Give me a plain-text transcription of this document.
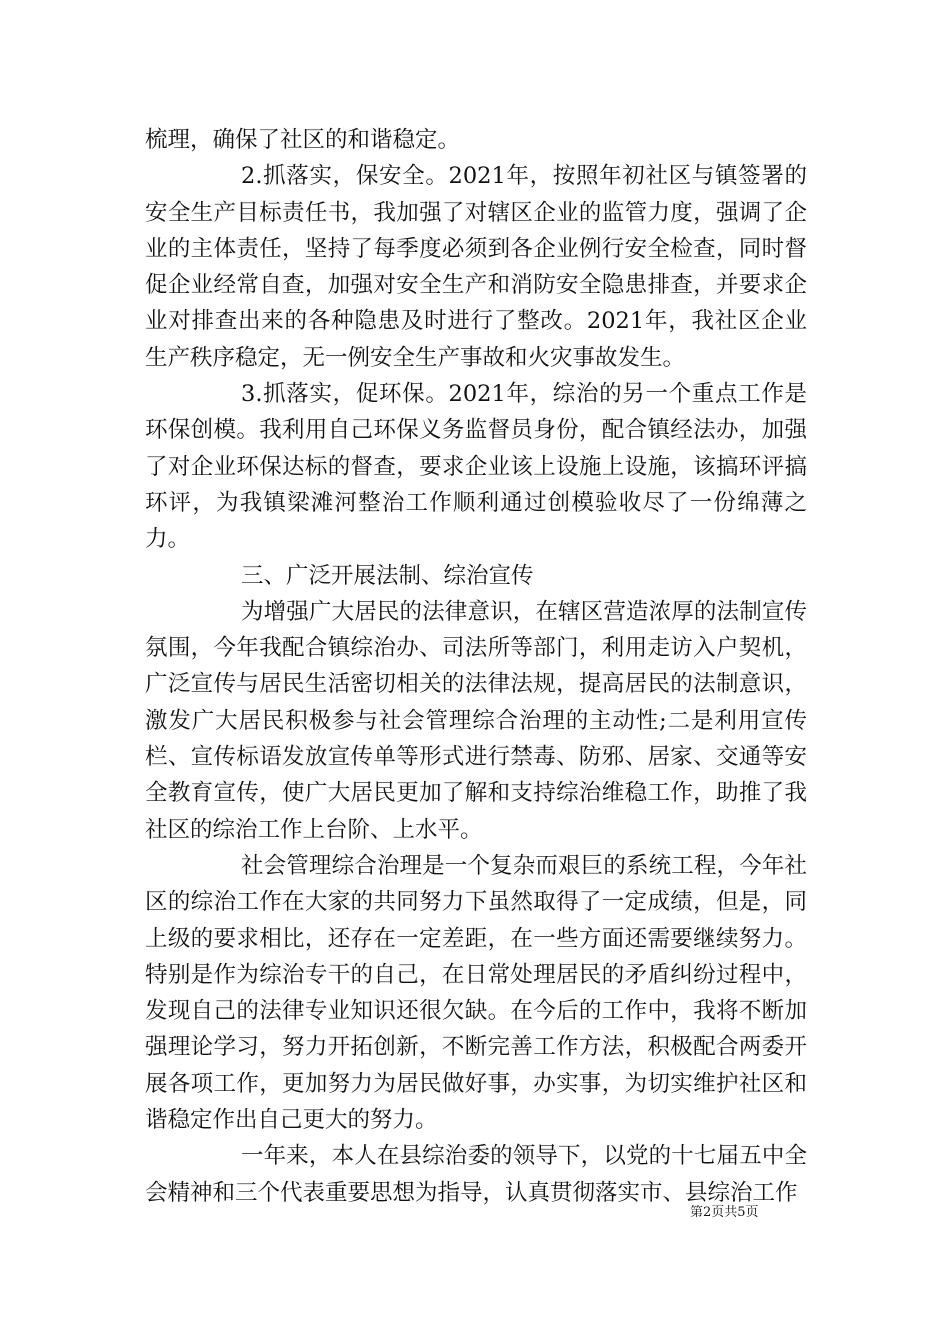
梳理，确保了社区的和谐稳定。

2.抓落实，保安全。2021年，按照年初社区与镇签署的安全生产目标责任书，我加强了对辖区企业的监管力度，强调了企业的主体责任，坚持了每季度必须到各企业例行安全检查，同时督促企业经常自查，加强对安全生产和消防安全隐患排查，并要求企业对排查出来的各种隐患及时进行了整改。2021年，我社区企业生产秩序稳定，无一例安全生产事故和火灾事故发生。

3.抓落实，促环保。2021年，综治的另一个重点工作是环保创模。我利用自己环保义务监督员身份，配合镇经法办，加强了对企业环保达标的督查，要求企业该上设施上设施，该搞环评搞环评，为我镇梁滩河整治工作顺利通过创模验收尽了一份绵薄之力。

三、广泛开展法制、综治宣传

为增强广大居民的法律意识，在辖区营造浓厚的法制宣传氛围，今年我配合镇综治办、司法所等部门，利用走访入户契机，广泛宣传与居民生活密切相关的法律法规，提高居民的法制意识，激发广大居民积极参与社会管理综合治理的主动性;二是利用宣传栏、宣传标语发放宣传单等形式进行禁毒、防邪、居家、交通等安全教育宣传，使广大居民更加了解和支持综治维稳工作，助推了我社区的综治工作上台阶、上水平。

社会管理综合治理是一个复杂而艰巨的系统工程，今年社区的综治工作在大家的共同努力下虽然取得了一定成绩，但是，同上级的要求相比，还存在一定差距，在一些方面还需要继续努力。特别是作为综治专干的自己，在日常处理居民的矛盾纠纷过程中，发现自己的法律专业知识还很欠缺。在今后的工作中，我将不断加强理论学习，努力开拓创新，不断完善工作方法，积极配合两委开展各项工作，更加努力为居民做好事，办实事，为切实维护社区和谐稳定作出自己更大的努力。

一年来，本人在县综治委的领导下，以党的十七届五中全会精神和三个代表重要思想为指导，认真贯彻落实市、县综治工作

第2页共5页
